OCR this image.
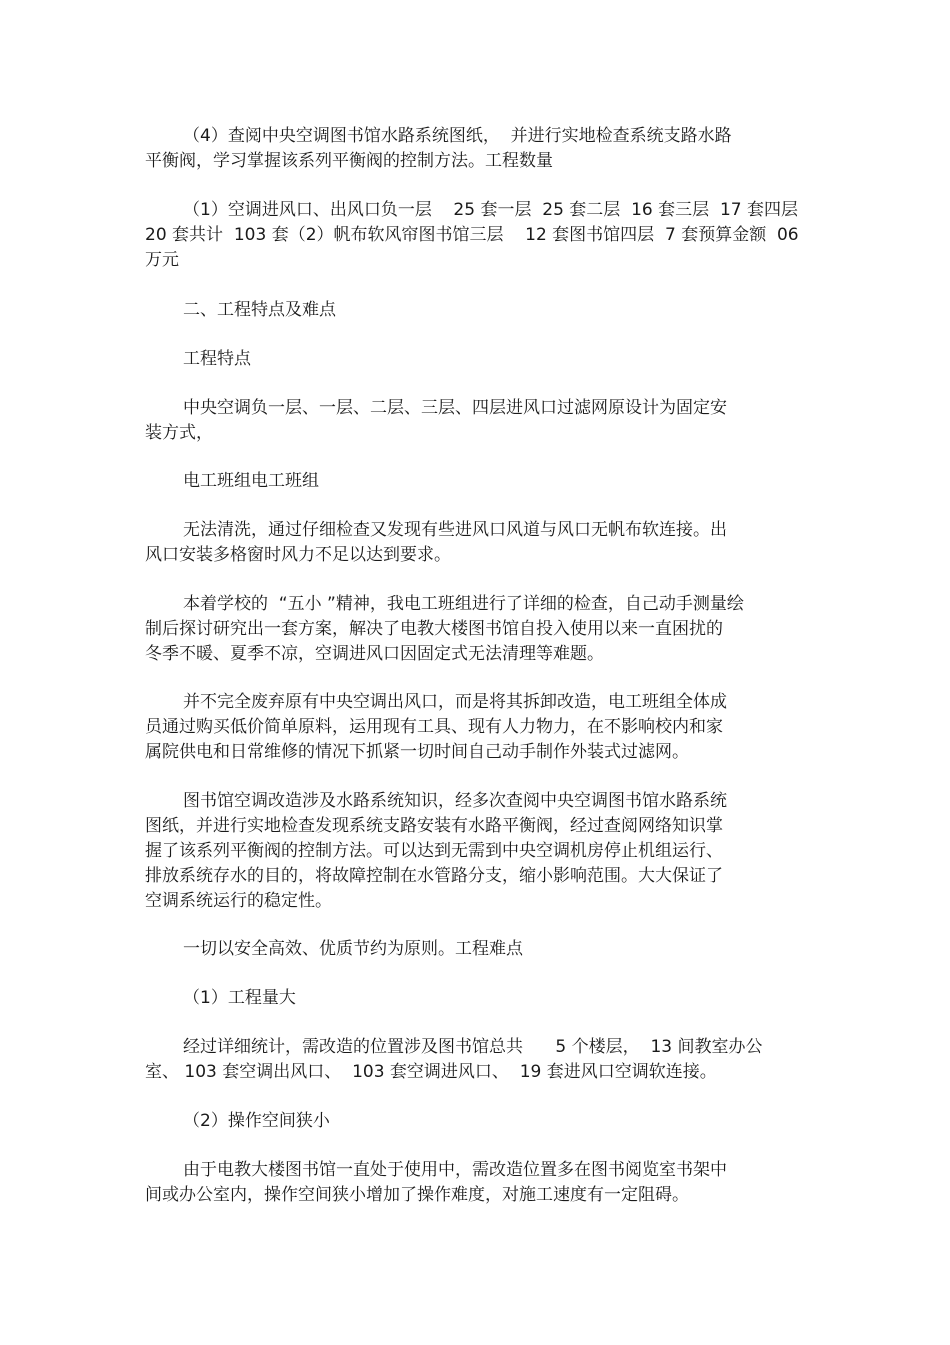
（4）查阅中央空调图书馆水路系统图纸，  并进行实地检查系统支路水路
平衡阀，学习掌握该系列平衡阀的控制方法。工程数量

（1）空调进风口、出风口负一层    25 套一层  25 套二层  16 套三层  17 套四层
20 套共计  103 套（2）帆布软风帘图书馆三层    12 套图书馆四层  7 套预算金额  06
万元

二、工程特点及难点

工程特点

中央空调负一层、一层、二层、三层、四层进风口过滤网原设计为固定安
装方式，

电工班组电工班组

无法清洗，通过仔细检查又发现有些进风口风道与风口无帆布软连接。出
风口安装多格窗时风力不足以达到要求。

本着学校的  “五小 ”精神，我电工班组进行了详细的检查，自己动手测量绘
制后探讨研究出一套方案，解决了电教大楼图书馆自投入使用以来一直困扰的
冬季不暖、夏季不凉，空调进风口因固定式无法清理等难题。

并不完全废弃原有中央空调出风口，而是将其拆卸改造，电工班组全体成
员通过购买低价简单原料，运用现有工具、现有人力物力，在不影响校内和家
属院供电和日常维修的情况下抓紧一切时间自己动手制作外装式过滤网。

图书馆空调改造涉及水路系统知识，经多次查阅中央空调图书馆水路系统
图纸，并进行实地检查发现系统支路安装有水路平衡阀，经过查阅网络知识掌
握了该系列平衡阀的控制方法。可以达到无需到中央空调机房停止机组运行、
排放系统存水的目的，将故障控制在水管路分支，缩小影响范围。大大保证了
空调系统运行的稳定性。

一切以安全高效、优质节约为原则。工程难点

（1）工程量大

经过详细统计，需改造的位置涉及图书馆总共      5 个楼层，  13 间教室办公
室、 103 套空调出风口、  103 套空调进风口、  19 套进风口空调软连接。

（2）操作空间狭小

由于电教大楼图书馆一直处于使用中，需改造位置多在图书阅览室书架中
间或办公室内，操作空间狭小增加了操作难度，对施工速度有一定阻碍。
